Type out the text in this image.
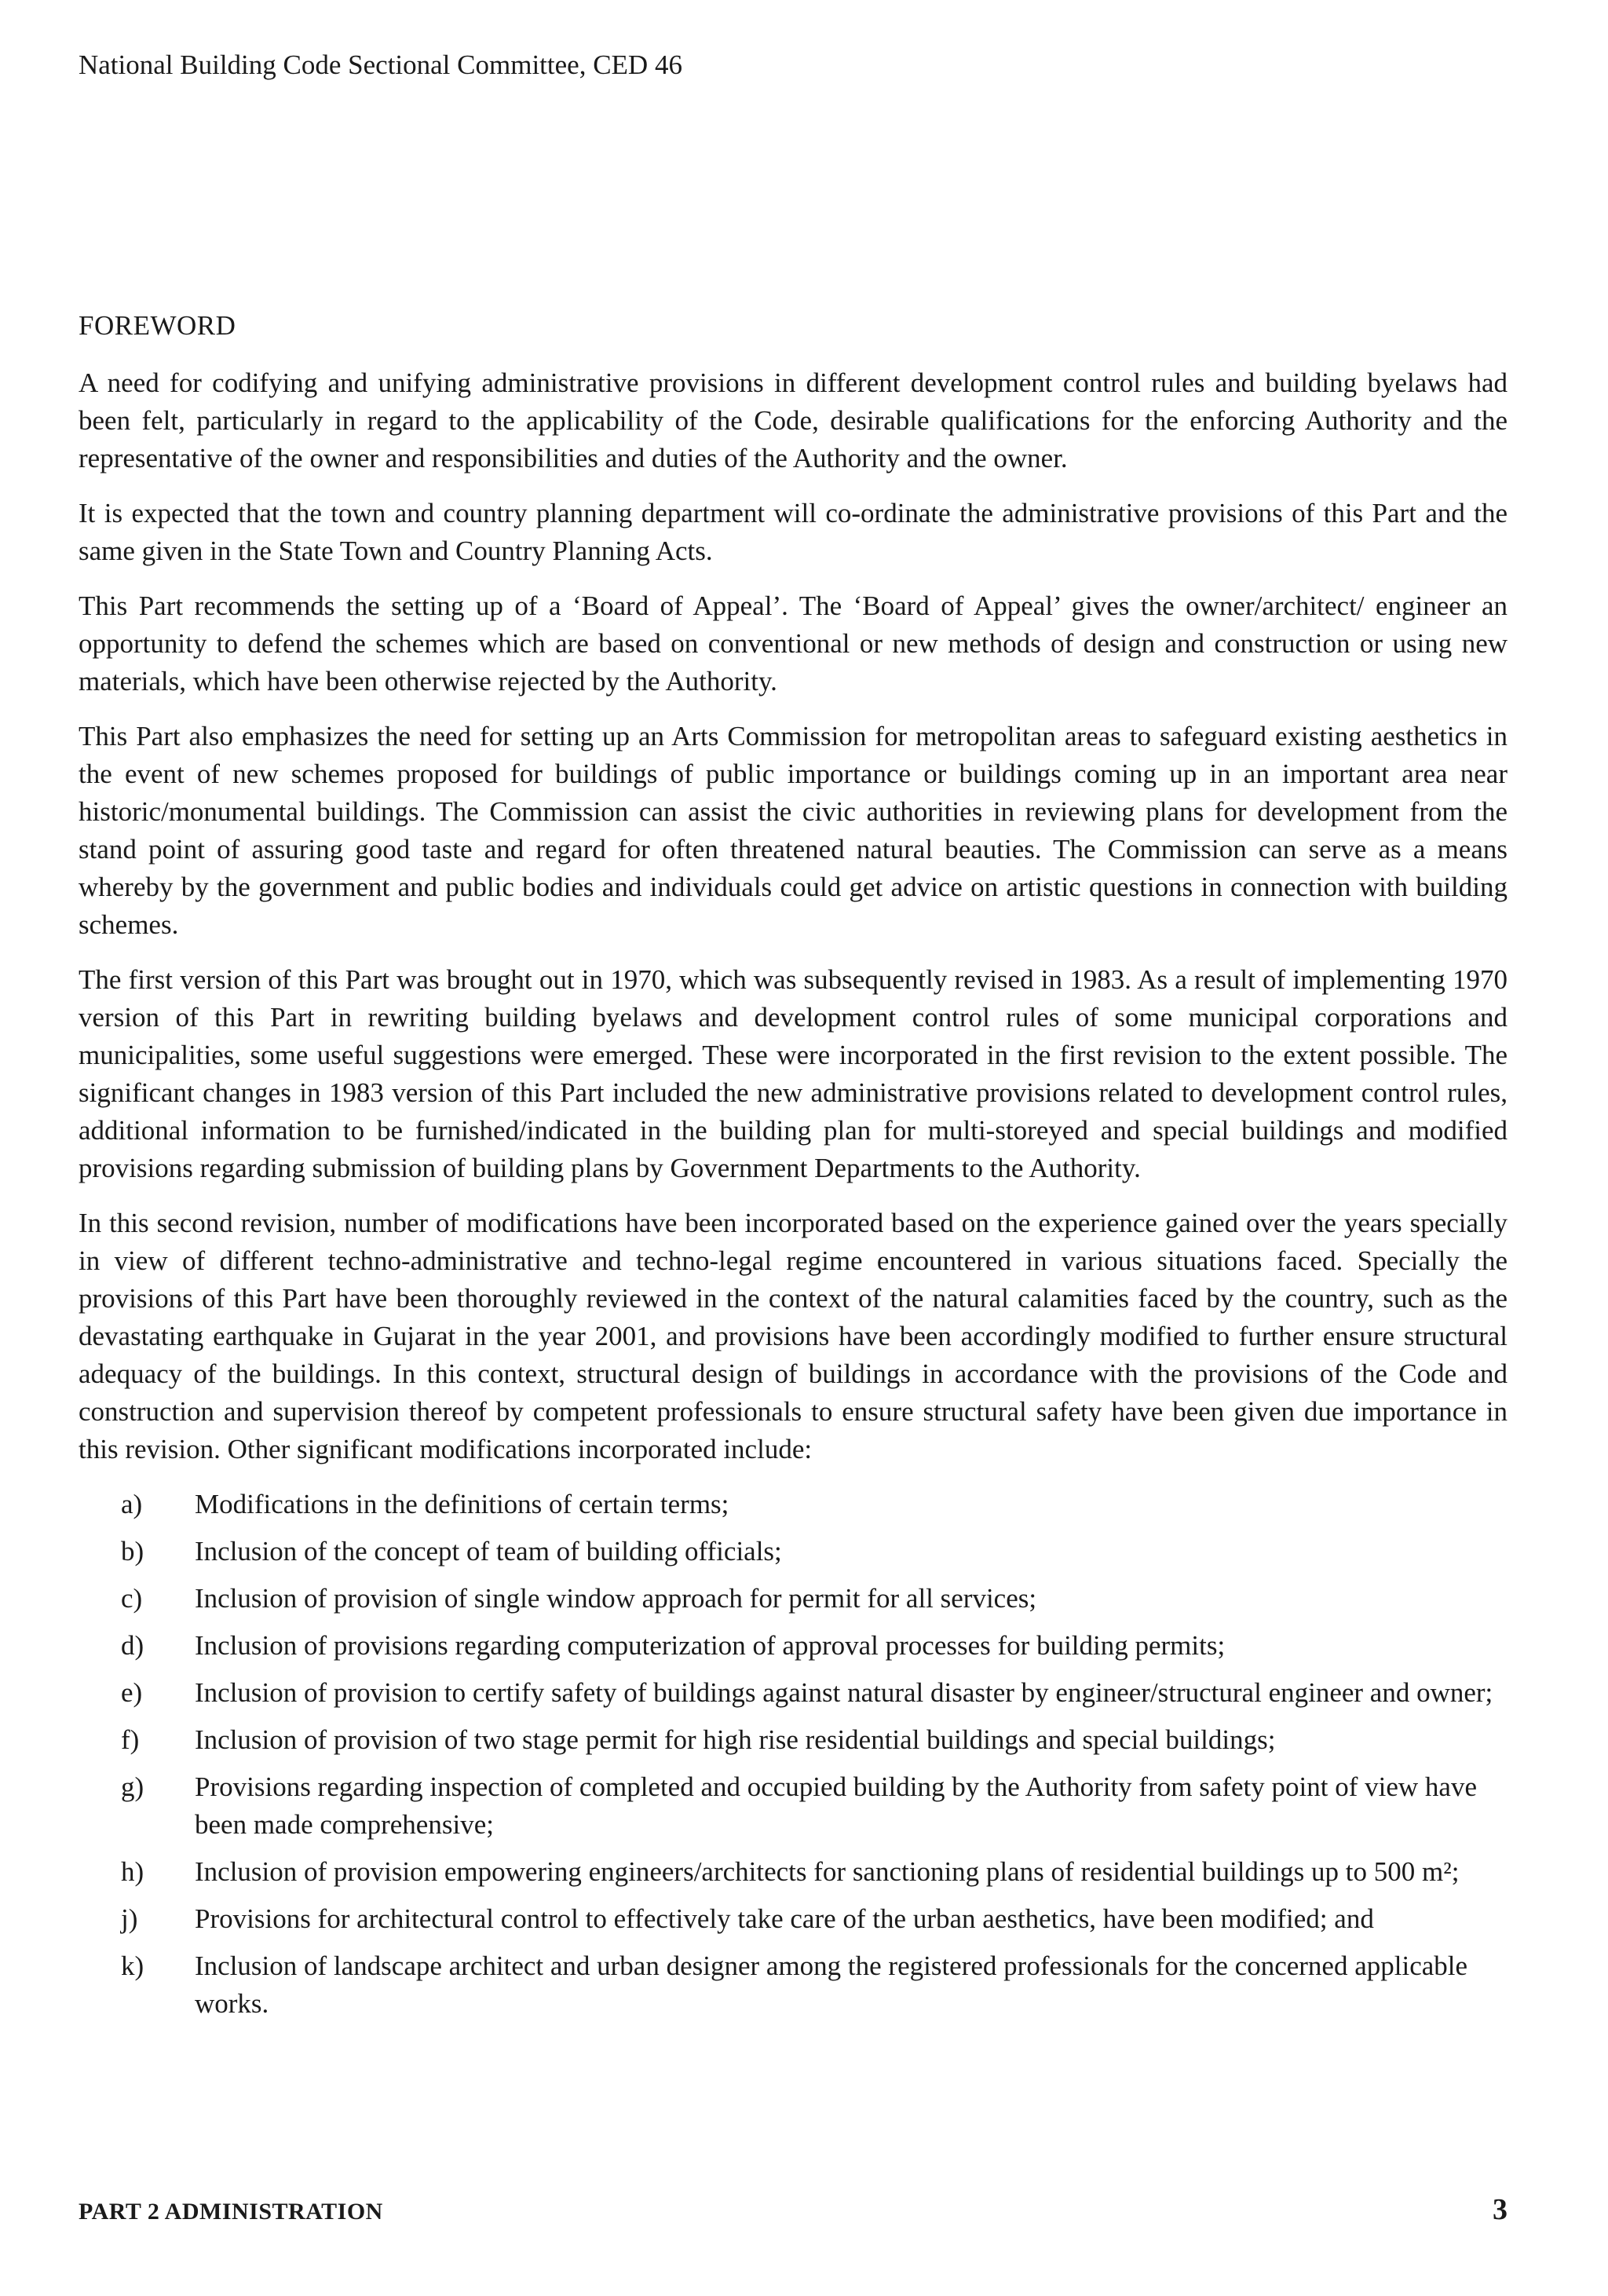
National Building Code Sectional Committee, CED 46
FOREWORD

A need for codifying and unifying administrative provisions in different development control rules and building byelaws had been felt, particularly in regard to the applicability of the Code, desirable qualifications for the enforcing Authority and the representative of the owner and responsibilities and duties of the Authority and the owner.

It is expected that the town and country planning department will co-ordinate the administrative provisions of this Part and the same given in the State Town and Country Planning Acts.

This Part recommends the setting up of a ‘Board of Appeal’. The ‘Board of Appeal’ gives the owner/architect/ engineer an opportunity to defend the schemes which are based on conventional or new methods of design and construction or using new materials, which have been otherwise rejected by the Authority.

This Part also emphasizes the need for setting up an Arts Commission for metropolitan areas to safeguard existing aesthetics in the event of new schemes proposed for buildings of public importance or buildings coming up in an important area near historic/monumental buildings. The Commission can assist the civic authorities in reviewing plans for development from the stand point of assuring good taste and regard for often threatened natural beauties. The Commission can serve as a means whereby by the government and public bodies and individuals could get advice on artistic questions in connection with building schemes.

The first version of this Part was brought out in 1970, which was subsequently revised in 1983. As a result of implementing 1970 version of this Part in rewriting building byelaws and development control rules of some municipal corporations and municipalities, some useful suggestions were emerged. These were incorporated in the first revision to the extent possible. The significant changes in 1983 version of this Part included the new administrative provisions related to development control rules, additional information to be furnished/indicated in the building plan for multi-storeyed and special buildings and modified provisions regarding submission of building plans by Government Departments to the Authority.

In this second revision, number of modifications have been incorporated based on the experience gained over the years specially in view of different techno-administrative and techno-legal regime encountered in various situations faced. Specially the provisions of this Part have been thoroughly reviewed in the context of the natural calamities faced by the country, such as the devastating earthquake in Gujarat in the year 2001, and provisions have been accordingly modified to further ensure structural adequacy of the buildings. In this context, structural design of buildings in accordance with the provisions of the Code and construction and supervision thereof by competent professionals to ensure structural safety have been given due importance in this revision. Other significant modifications incorporated include:

a)	Modifications in the definitions of certain terms;
b)	Inclusion of the concept of team of building officials;
c)	Inclusion of provision of single window approach for permit for all services;
d)	Inclusion of provisions regarding computerization of approval processes for building permits;
e)	Inclusion of provision to certify safety of buildings against natural disaster by engineer/structural engineer and owner;
f)	Inclusion of provision of two stage permit for high rise residential buildings and special buildings;
g)	Provisions regarding inspection of completed and occupied building by the Authority from safety point of view have been made comprehensive;
h)	Inclusion of provision empowering engineers/architects for sanctioning plans of residential buildings up to 500 m²;
j)	Provisions for architectural control to effectively take care of the urban aesthetics, have been modified; and
k)	Inclusion of landscape architect and urban designer among the registered professionals for the concerned applicable works.
PART 2 ADMINISTRATION	3
